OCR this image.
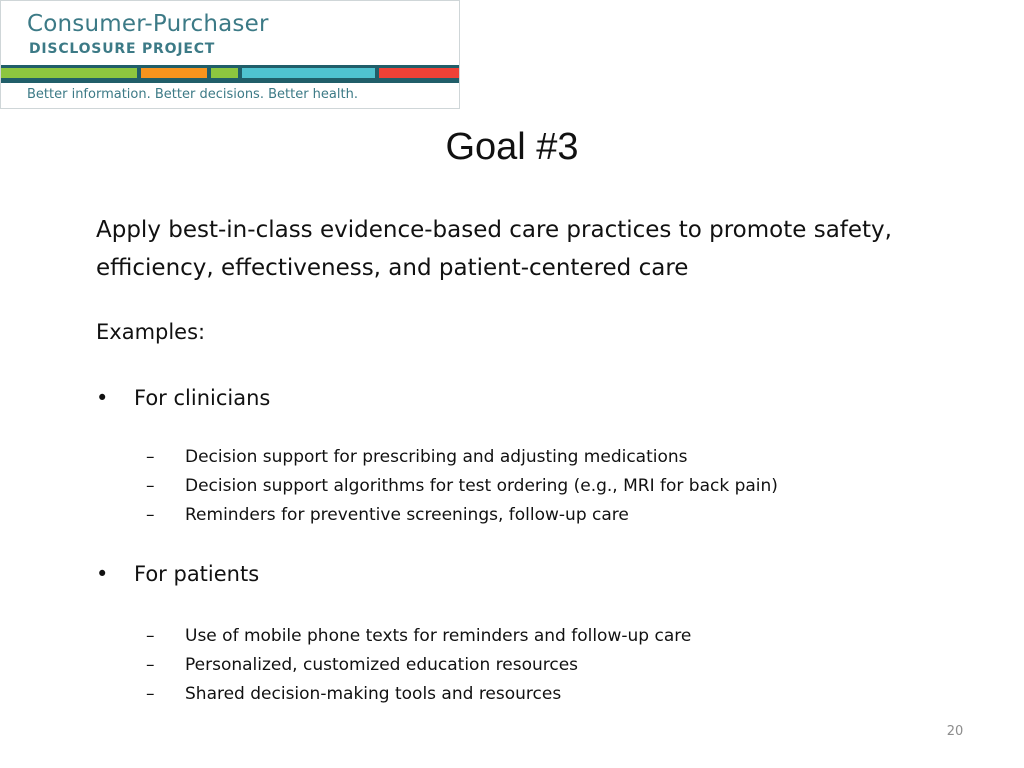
Consumer-Purchaser
DISCLOSURE PROJECT
Better information. Better decisions. Better health.
Goal #3
Apply best-in-class evidence-based care practices to promote safety, efficiency, effectiveness, and patient-centered care
Examples:
• For clinicians
– Decision support for prescribing and adjusting medications
– Decision support algorithms for test ordering (e.g., MRI for back pain)
– Reminders for preventive screenings, follow-up care
• For patients
– Use of mobile phone texts for reminders and follow-up care
– Personalized, customized education resources
– Shared decision-making tools and resources
20
